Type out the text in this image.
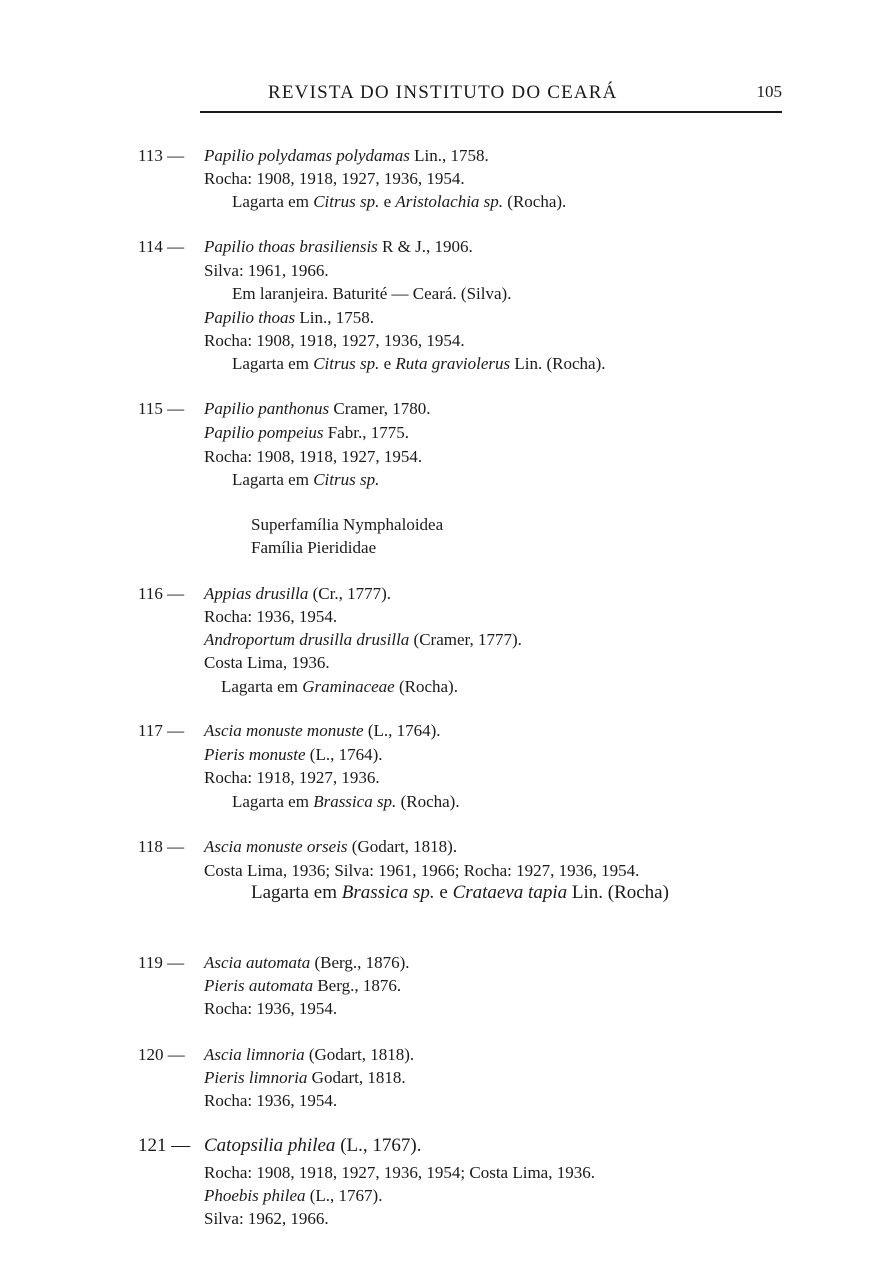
REVISTA DO INSTITUTO DO CEARÁ	105
113 — Papilio polydamas polydamas Lin., 1758.
Rocha: 1908, 1918, 1927, 1936, 1954.
Lagarta em Citrus sp. e Aristolachia sp. (Rocha).
114 — Papilio thoas brasiliensis R & J., 1906.
Silva: 1961, 1966.
Em laranjeira. Baturité — Ceará. (Silva).
Papilio thoas Lin., 1758.
Rocha: 1908, 1918, 1927, 1936, 1954.
Lagarta em Citrus sp. e Ruta graviolerus Lin. (Rocha).
115 — Papilio panthonus Cramer, 1780.
Papilio pompeius Fabr., 1775.
Rocha: 1908, 1918, 1927, 1954.
Lagarta em Citrus sp.
Superfamília Nymphaloidea
Família Pierididae
116 — Appias drusilla (Cr., 1777).
Rocha: 1936, 1954.
Androportum drusilla drusilla (Cramer, 1777).
Costa Lima, 1936.
Lagarta em Graminaceae (Rocha).
117 — Ascia monuste monuste (L., 1764).
Pieris monuste (L., 1764).
Rocha: 1918, 1927, 1936.
Lagarta em Brassica sp. (Rocha).
118 — Ascia monuste orseis (Godart, 1818).
Costa Lima, 1936; Silva: 1961, 1966; Rocha: 1927, 1936, 1954.
Lagarta em Brassica sp. e Crataeva tapia Lin. (Rocha)
119 — Ascia automata (Berg., 1876).
Pieris automata Berg., 1876.
Rocha: 1936, 1954.
120 — Ascia limnoria (Godart, 1818).
Pieris limnoria Godart, 1818.
Rocha: 1936, 1954.
121 — Catopsilia philea (L., 1767).
Rocha: 1908, 1918, 1927, 1936, 1954; Costa Lima, 1936.
Phoebis philea (L., 1767).
Silva: 1962, 1966.
